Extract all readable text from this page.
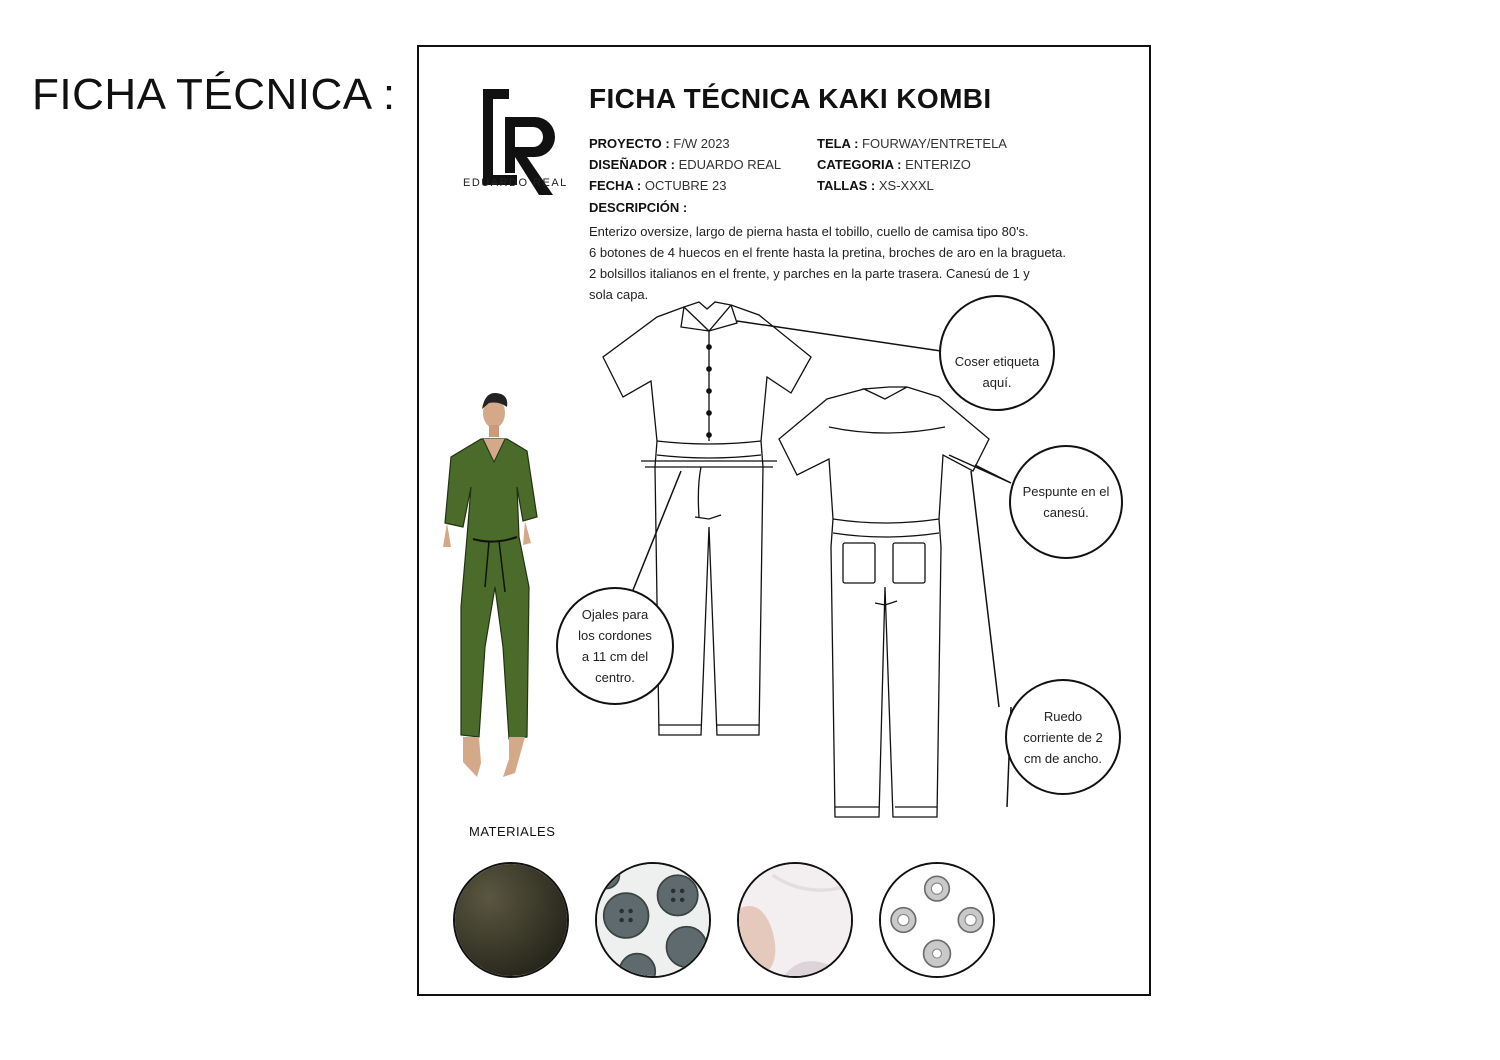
FICHA TÉCNICA :
EDUARDO REAL
FICHA TÉCNICA KAKI KOMBI
PROYECTO : F/W 2023
DISEÑADOR : EDUARDO REAL
FECHA : OCTUBRE 23
TELA : FOURWAY/ENTRETELA
CATEGORIA : ENTERIZO
TALLAS : XS-XXXL
DESCRIPCIÓN :
Enterizo oversize, largo de pierna hasta el tobillo, cuello de camisa tipo 80's.
6 botones de 4 huecos en el frente hasta la pretina, broches de aro en la bragueta.
2 bolsillos italianos en el frente, y parches en la parte trasera. Canesú de 1 y
sola capa.
Coser etiqueta
aquí.
Pespunte en el
canesú.
Ojales para
los cordones
a 11 cm del
centro.
Ruedo
corriente de 2
cm de ancho.
MATERIALES
